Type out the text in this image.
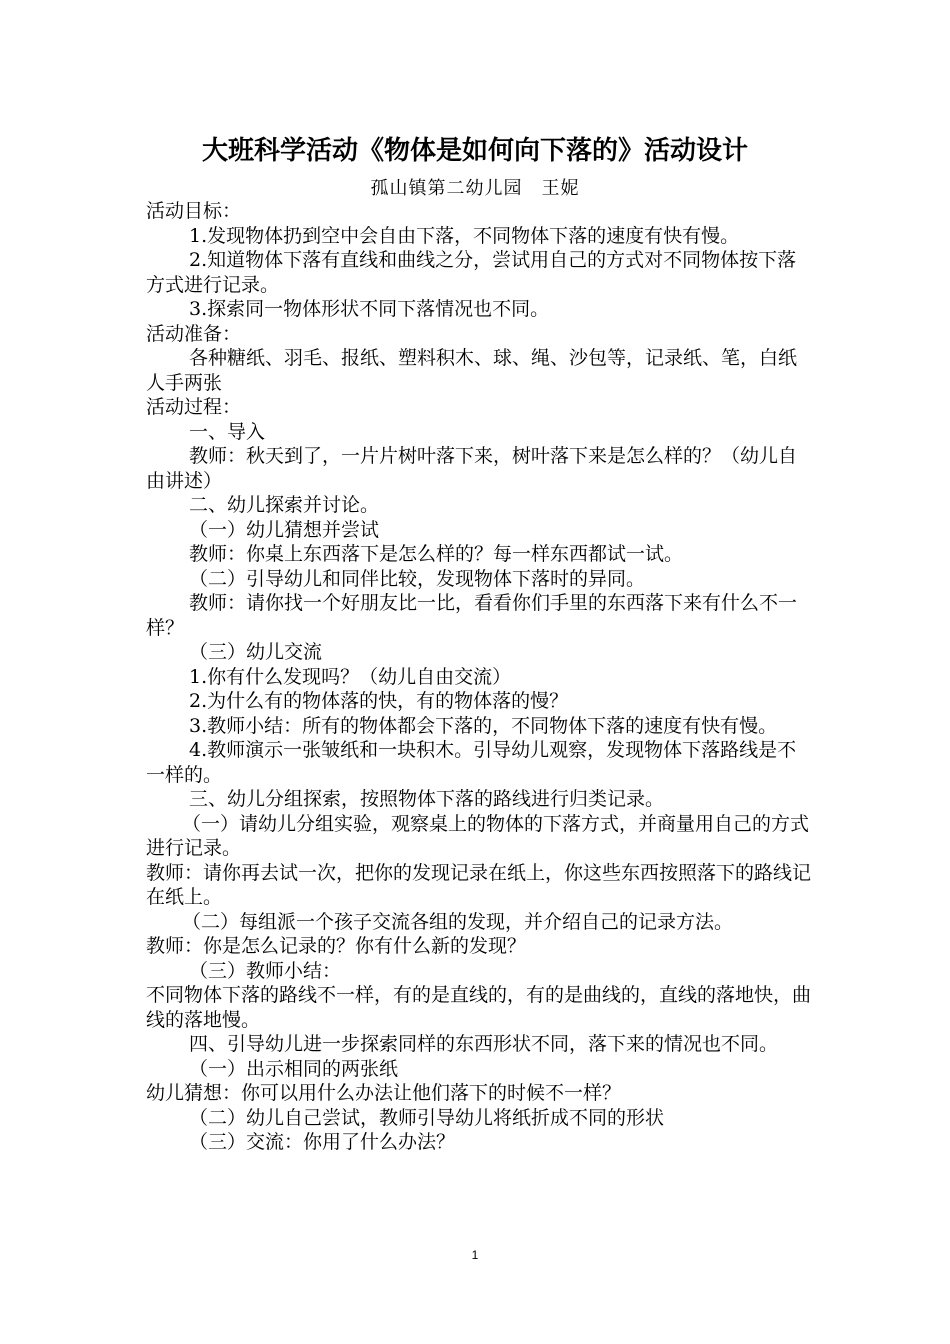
大班科学活动《物体是如何向下落的》活动设计
孤山镇第二幼儿园　王妮

活动目标：

1.发现物体扔到空中会自由下落，不同物体下落的速度有快有慢。

2.知道物体下落有直线和曲线之分，尝试用自己的方式对不同物体按下落方式进行记录。

3.探索同一物体形状不同下落情况也不同。

活动准备：

各种糖纸、羽毛、报纸、塑料积木、球、绳、沙包等，记录纸、笔，白纸人手两张

活动过程：

一、导入

教师：秋天到了，一片片树叶落下来，树叶落下来是怎么样的？（幼儿自由讲述）

二、幼儿探索并讨论。

（一）幼儿猜想并尝试

教师：你桌上东西落下是怎么样的？每一样东西都试一试。

（二）引导幼儿和同伴比较，发现物体下落时的异同。

教师：请你找一个好朋友比一比，看看你们手里的东西落下来有什么不一样？

（三）幼儿交流

1.你有什么发现吗？（幼儿自由交流）

2.为什么有的物体落的快，有的物体落的慢？

3.教师小结：所有的物体都会下落的，不同物体下落的速度有快有慢。

4.教师演示一张皱纸和一块积木。引导幼儿观察，发现物体下落路线是不一样的。

三、幼儿分组探索，按照物体下落的路线进行归类记录。

（一）请幼儿分组实验，观察桌上的物体的下落方式，并商量用自己的方式进行记录。

教师：请你再去试一次，把你的发现记录在纸上，你这些东西按照落下的路线记在纸上。

（二）每组派一个孩子交流各组的发现，并介绍自己的记录方法。

教师：你是怎么记录的？你有什么新的发现？

（三）教师小结：

不同物体下落的路线不一样，有的是直线的，有的是曲线的，直线的落地快，曲线的落地慢。

四、引导幼儿进一步探索同样的东西形状不同，落下来的情况也不同。

（一）出示相同的两张纸

幼儿猜想：你可以用什么办法让他们落下的时候不一样？

（二）幼儿自己尝试，教师引导幼儿将纸折成不同的形状

（三）交流：你用了什么办法？

1
